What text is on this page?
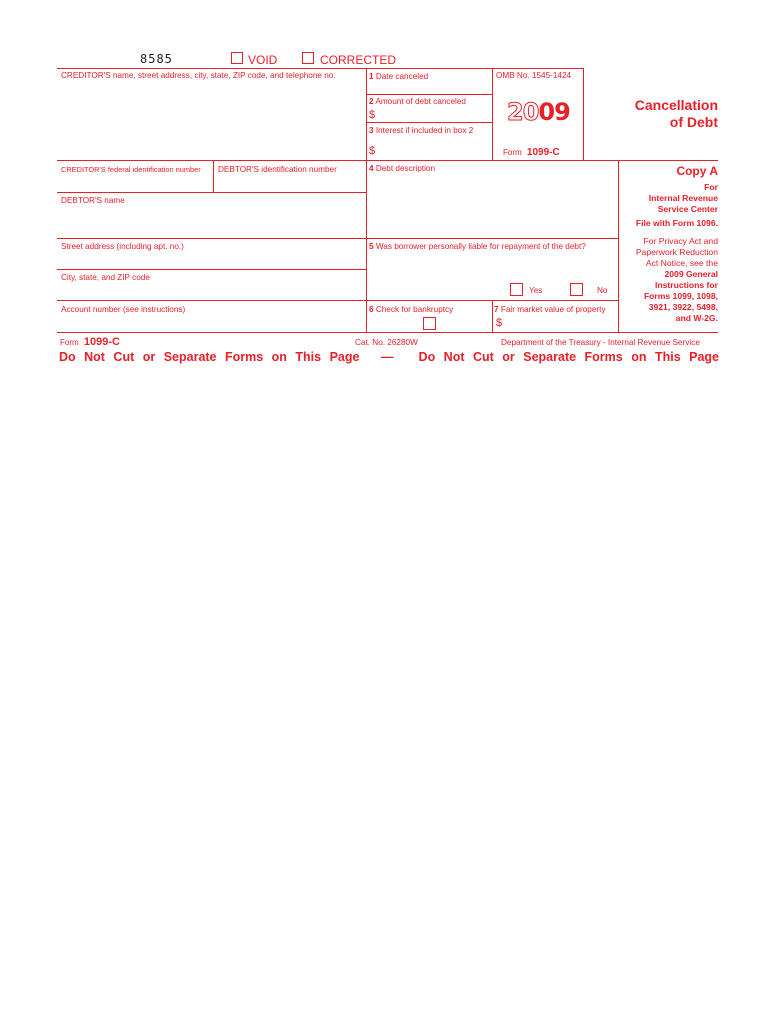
8585	VOID	CORRECTED
CREDITOR'S name, street address, city, state, ZIP code, and telephone no.
CREDITOR'S federal identification number DEBTOR'S identification number
DEBTOR'S name
Street address (including apt. no.)
City, state, and ZIP code
Account number (see instructions)
1 Date canceled
2 Amount of debt canceled
$
3 Interest if included in box 2
$
OMB No. 1545-1424
2009
Form 1099-C
Cancellation
of Debt
4 Debt description
5 Was borrower personally liable for repayment of the debt?
Yes	No
6 Check for bankruptcy	7 Fair market value of property
$
Copy A
For
Internal Revenue
Service Center
File with Form 1096.
For Privacy Act and
Paperwork Reduction
Act Notice, see the
2009 General
Instructions for
Forms 1099, 1098,
3921, 3922, 5498,
and W-2G.
Form 1099-C	Cat. No. 26280W	Department of the Treasury - Internal Revenue Service
Do Not Cut or Separate Forms on This Page — Do Not Cut or Separate Forms on This Page
